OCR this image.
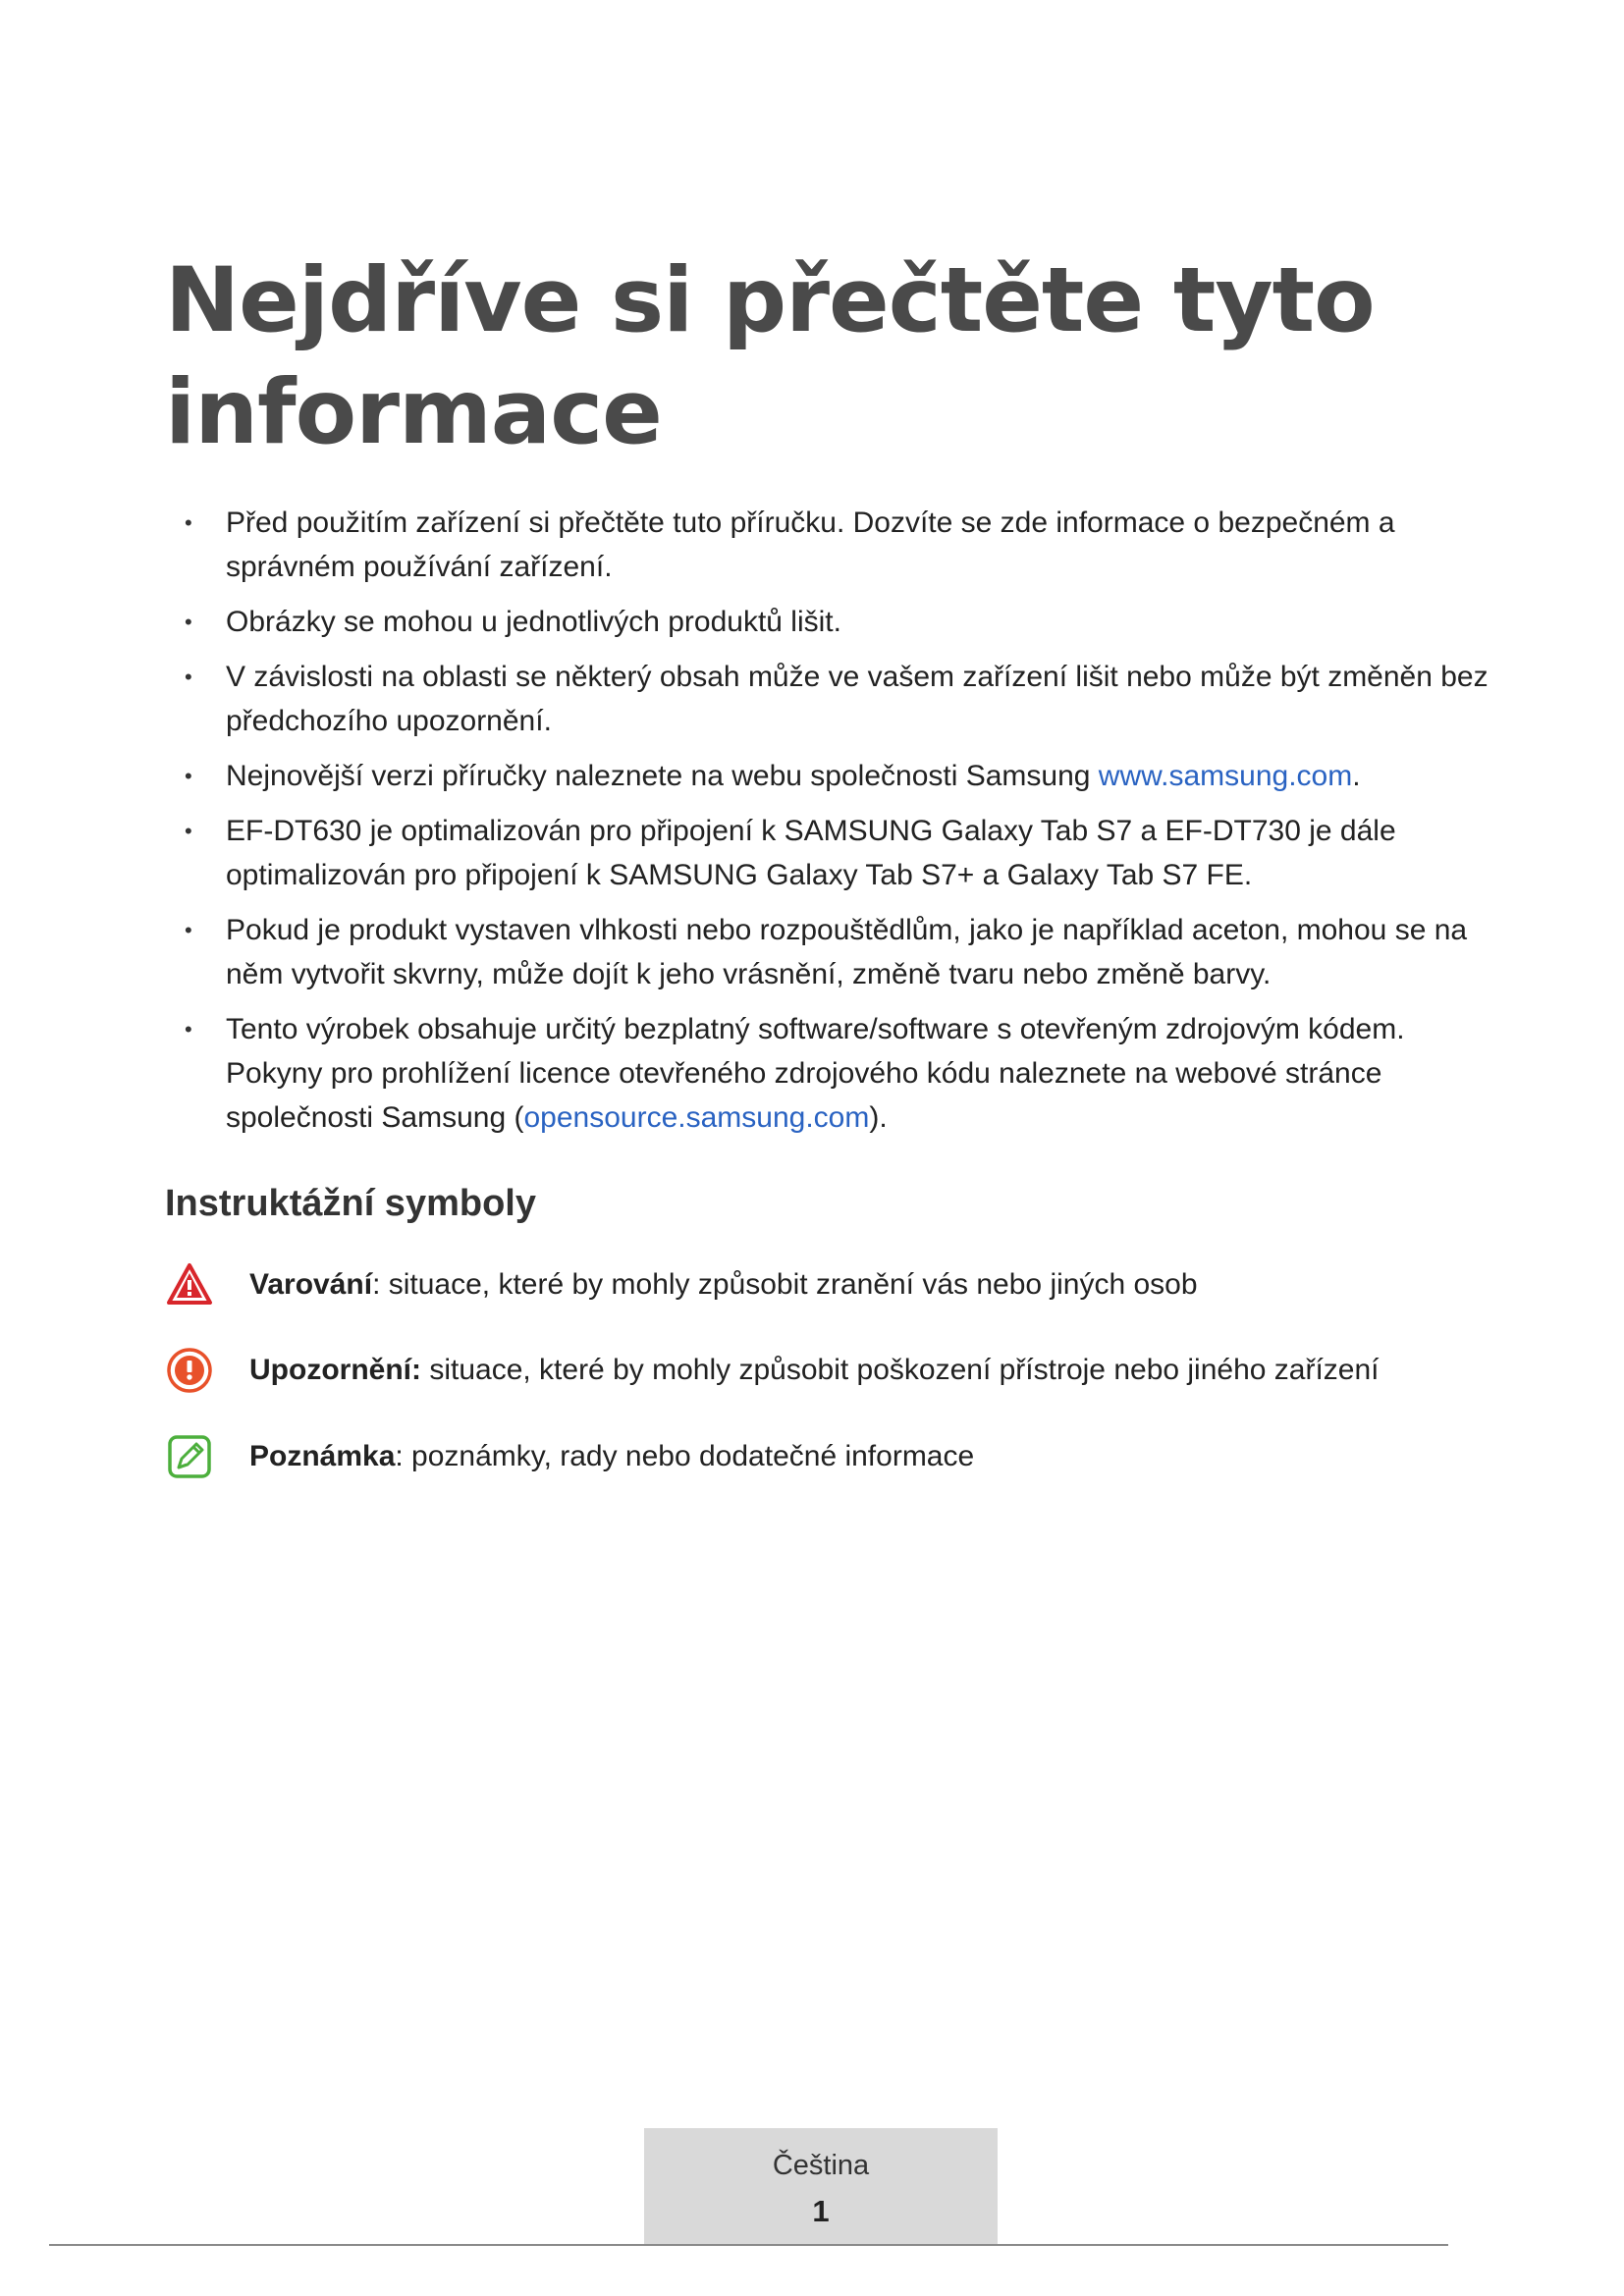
Nejdříve si přečtěte tyto
informace
• Před použitím zařízení si přečtěte tuto příručku. Dozvíte se zde informace o bezpečném a správném používání zařízení.
• Obrázky se mohou u jednotlivých produktů lišit.
• V závislosti na oblasti se některý obsah může ve vašem zařízení lišit nebo může být změněn bez předchozího upozornění.
• Nejnovější verzi příručky naleznete na webu společnosti Samsung www.samsung.com.
• EF-DT630 je optimalizován pro připojení k SAMSUNG Galaxy Tab S7 a EF-DT730 je dále optimalizován pro připojení k SAMSUNG Galaxy Tab S7+ a Galaxy Tab S7 FE.
• Pokud je produkt vystaven vlhkosti nebo rozpouštědlům, jako je například aceton, mohou se na něm vytvořit skvrny, může dojít k jeho vrásnění, změně tvaru nebo změně barvy.
• Tento výrobek obsahuje určitý bezplatný software/software s otevřeným zdrojovým kódem. Pokyny pro prohlížení licence otevřeného zdrojového kódu naleznete na webové stránce společnosti Samsung (opensource.samsung.com).
Instruktážní symboly
Varování: situace, které by mohly způsobit zranění vás nebo jiných osob
Upozornění: situace, které by mohly způsobit poškození přístroje nebo jiného zařízení
Poznámka: poznámky, rady nebo dodatečné informace
Čeština
1
